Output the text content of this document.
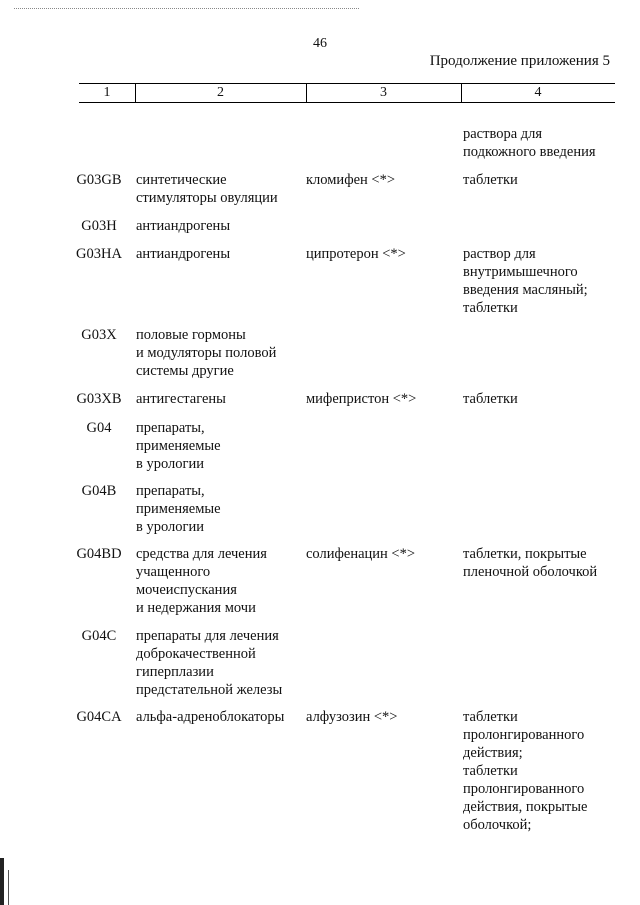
46
Продолжение приложения 5
1	2	3	4
раствора для
подкожного введения
G03GB синтетические
стимуляторы овуляции
кломифен <*>	таблетки
G03H	антиандрогены
G03HA антиандрогены	ципротерон <*>	раствор для
внутримышечного
введения масляный;
таблетки
G03X	половые гормоны
и модуляторы половой
системы другие
G03XB антигестагены	мифепристон <*>	таблетки
G04	препараты,
применяемые
в урологии
G04B	препараты,
применяемые
в урологии
G04BD средства для лечения
учащенного
мочеиспускания
и недержания мочи
солифенацин <*>	таблетки, покрытые
пленочной оболочкой
G04C	препараты для лечения
доброкачественной
гиперплазии
предстательной железы
G04CA альфа-адреноблокаторы	алфузозин <*>	таблетки
пролонгированного
действия;
таблетки
пролонгированного
действия, покрытые
оболочкой;
